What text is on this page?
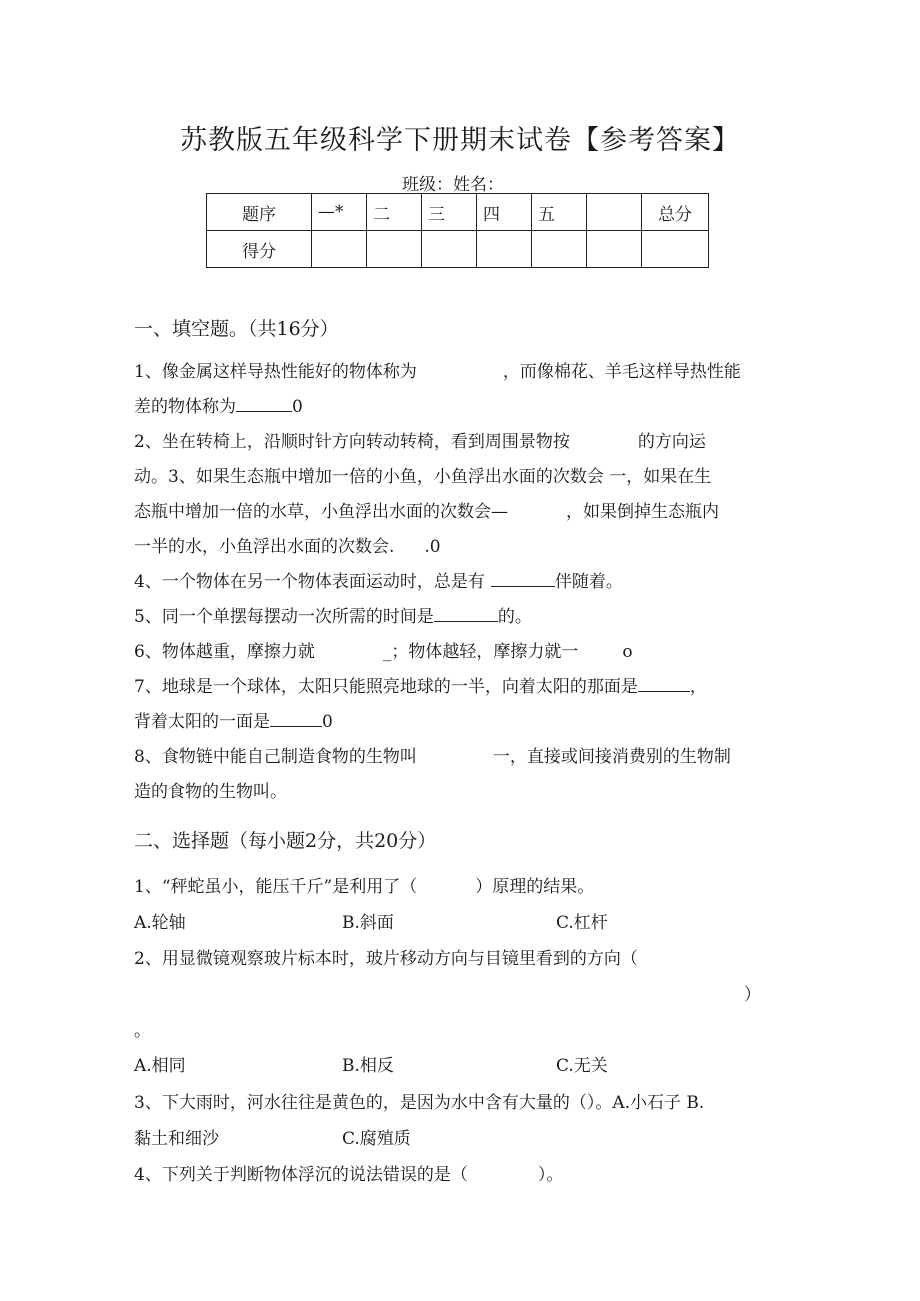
苏教版五年级科学下册期末试卷【参考答案】
班级：姓名：
题序	—*	二	三	四	五		总分
得分							
一、填空题。（共16分）
1、像金属这样导热性能好的物体称为	，而像棉花、羊毛这样导热性能
差的物体称为	0
2、坐在转椅上，沿顺时针方向转动转椅，看到周围景物按	的方向运
动。3、如果生态瓶中增加一倍的小鱼，小鱼浮出水面的次数会 一，如果在生
态瓶中增加一倍的水草，小鱼浮出水面的次数会—	，如果倒掉生态瓶内
一半的水，小鱼浮出水面的次数会. .0
4、一个物体在另一个物体表面运动时，总是有	伴随着。
5、同一个单摆每摆动一次所需的时间是	的。
6、物体越重，摩擦力就	_；物体越轻，摩擦力就一	o
7、地球是一个球体，太阳只能照亮地球的一半，向着太阳的那面是	，
背着太阳的一面是	0
8、食物链中能自己制造食物的生物叫	一，直接或间接消费别的生物制
造的食物的生物叫。
二、选择题（每小题2分，共20分）
1、“秤蛇虽小，能压千斤”是利用了（	）原理的结果。
A.轮轴	B.斜面	C.杠杆
2、用显微镜观察玻片标本时，玻片移动方向与目镜里看到的方向（
）
。
A.相同	B.相反	C.无关
3、下大雨时，河水往往是黄色的，是因为水中含有大量的（）。A.小石子 B.
黏土和细沙	C.腐殖质
4、下列关于判断物体浮沉的说法错误的是（	）。
